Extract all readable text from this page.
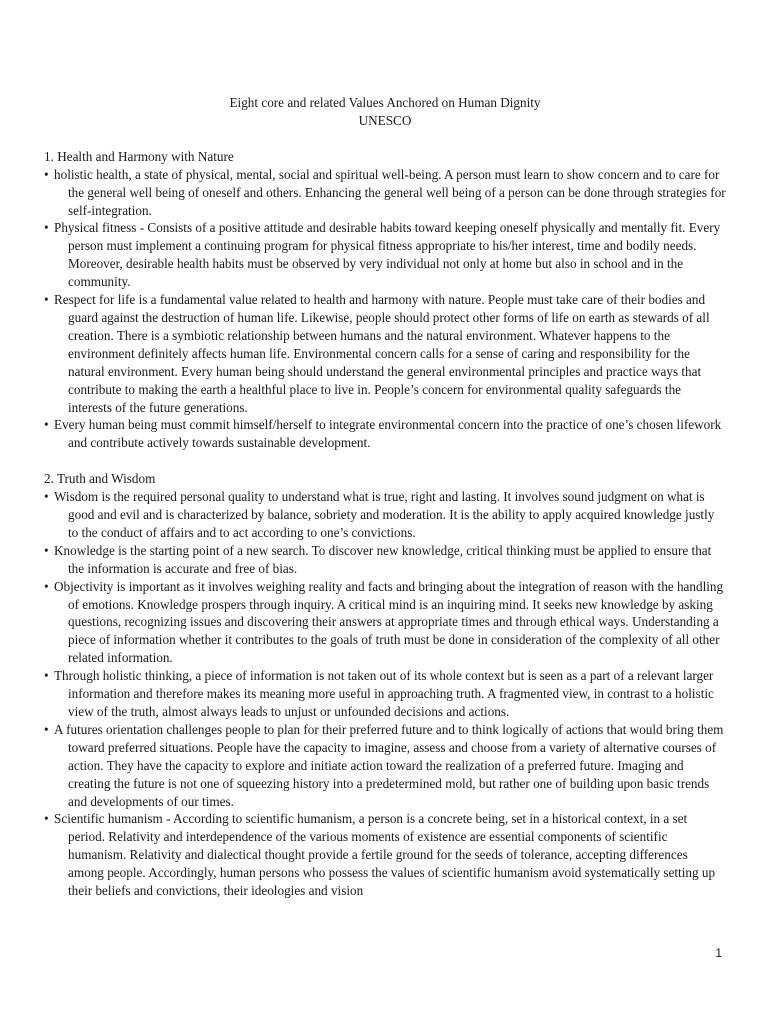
Eight core and related Values Anchored on Human Dignity

UNESCO

1. Health and Harmony with Nature

• holistic health, a state of physical, mental, social and spiritual well-being. A person must learn to show concern and to care for the general well being of oneself and others. Enhancing the general well being of a person can be done through strategies for self-integration.

• Physical fitness - Consists of a positive attitude and desirable habits toward keeping oneself physically and mentally fit. Every person must implement a continuing program for physical fitness appropriate to his/her interest, time and bodily needs. Moreover, desirable health habits must be observed by very individual not only at home but also in school and in the community.

• Respect for life is a fundamental value related to health and harmony with nature. People must take care of their bodies and guard against the destruction of human life. Likewise, people should protect other forms of life on earth as stewards of all creation. There is a symbiotic relationship between humans and the natural environment. Whatever happens to the environment definitely affects human life. Environmental concern calls for a sense of caring and responsibility for the natural environment. Every human being should understand the general environmental principles and practice ways that contribute to making the earth a healthful place to live in. People’s concern for environmental quality safeguards the interests of the future generations.

• Every human being must commit himself/herself to integrate environmental concern into the practice of one’s chosen lifework and contribute actively towards sustainable development.

2. Truth and Wisdom

• Wisdom is the required personal quality to understand what is true, right and lasting. It involves sound judgment on what is good and evil and is characterized by balance, sobriety and moderation. It is the ability to apply acquired knowledge justly to the conduct of affairs and to act according to one’s convictions.

• Knowledge is the starting point of a new search. To discover new knowledge, critical thinking must be applied to ensure that the information is accurate and free of bias.

• Objectivity is important as it involves weighing reality and facts and bringing about the integration of reason with the handling of emotions. Knowledge prospers through inquiry. A critical mind is an inquiring mind. It seeks new knowledge by asking questions, recognizing issues and discovering their answers at appropriate times and through ethical ways. Understanding a piece of information whether it contributes to the goals of truth must be done in consideration of the complexity of all other related information.

• Through holistic thinking, a piece of information is not taken out of its whole context but is seen as a part of a relevant larger information and therefore makes its meaning more useful in approaching truth. A fragmented view, in contrast to a holistic view of the truth, almost always leads to unjust or unfounded decisions and actions.

• A futures orientation challenges people to plan for their preferred future and to think logically of actions that would bring them toward preferred situations. People have the capacity to imagine, assess and choose from a variety of alternative courses of action. They have the capacity to explore and initiate action toward the realization of a preferred future. Imaging and creating the future is not one of squeezing history into a predetermined mold, but rather one of building upon basic trends and developments of our times.

• Scientific humanism - According to scientific humanism, a person is a concrete being, set in a historical context, in a set period. Relativity and interdependence of the various moments of existence are essential components of scientific humanism. Relativity and dialectical thought provide a fertile ground for the seeds of tolerance, accepting differences among people. Accordingly, human persons who possess the values of scientific humanism avoid systematically setting up their beliefs and convictions, their ideologies and vision

1
